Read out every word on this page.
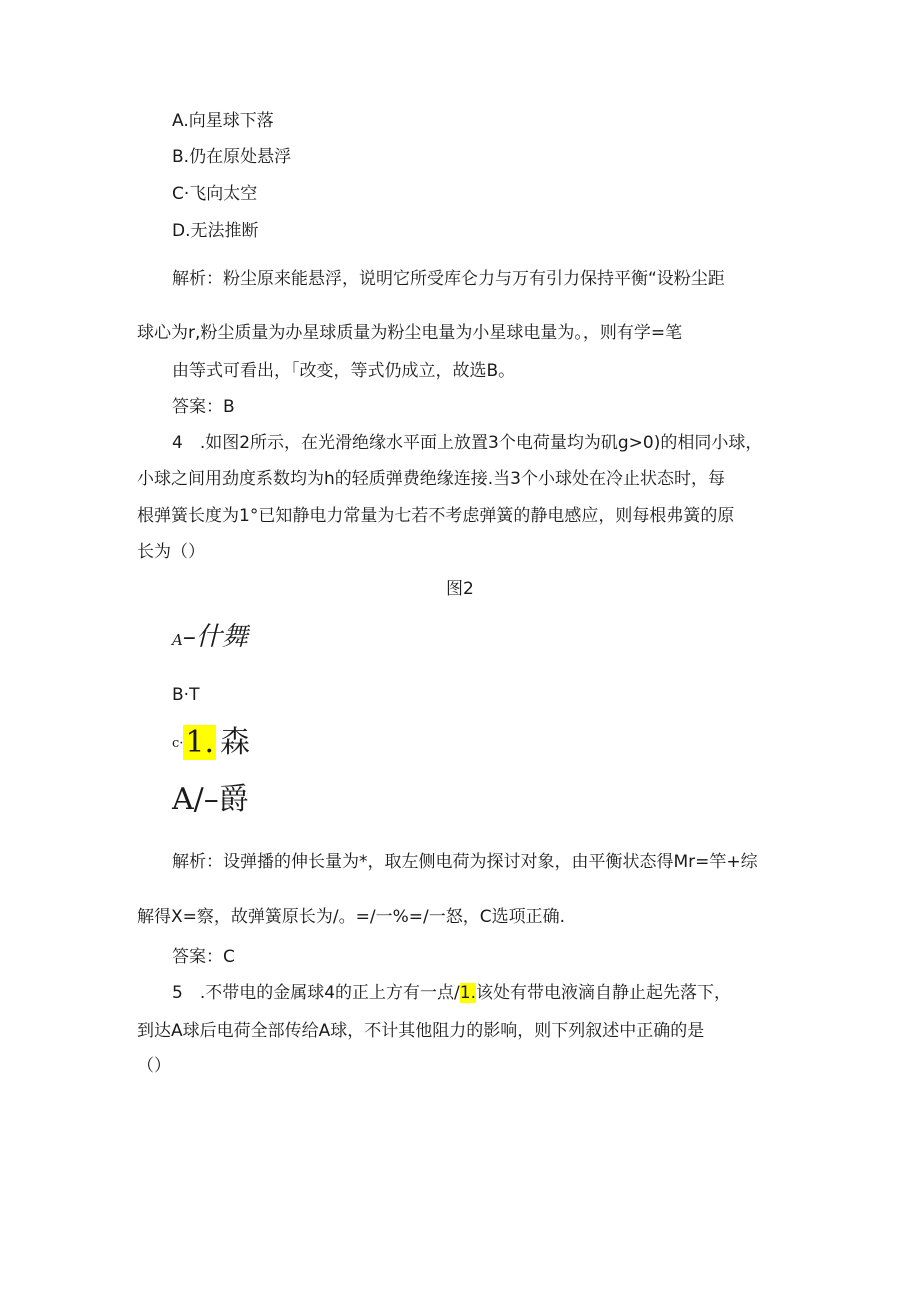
A.向星球下落
B.仍在原处悬浮
C·飞向太空
D.无法推断
解析：粉尘原来能悬浮，说明它所受库仑力与万有引力保持平衡“设粉尘距
球心为r,粉尘质量为办星球质量为粉尘电量为小星球电量为。，则有学=笔
由等式可看出，「改变，等式仍成立，故选B。
答案：B
4　.如图2所示，在光滑绝缘水平面上放置3个电荷量均为矶g>0)的相同小球，
小球之间用劲度系数均为h的轻质弹费绝缘连接.当3个小球处在冷止状态时，每
根弹簧长度为1°已知静电力常量为七若不考虑弹簧的静电感应，则每根弗簧的原
长为（）
图2
A–什舞
B·T
c·1. 森
A/–爵
解析：设弹播的伸长量为*，取左侧电荷为探讨对象，由平衡状态得Mr=竿+综
解得X=察，故弹簧原长为/。=/一%=/一怒，C选项正确.
答案：C
5　.不带电的金属球4的正上方有一点/1.该处有带电液滴自静止起先落下，
到达A球后电荷全部传给A球，不计其他阻力的影响，则下列叙述中正确的是
（）
